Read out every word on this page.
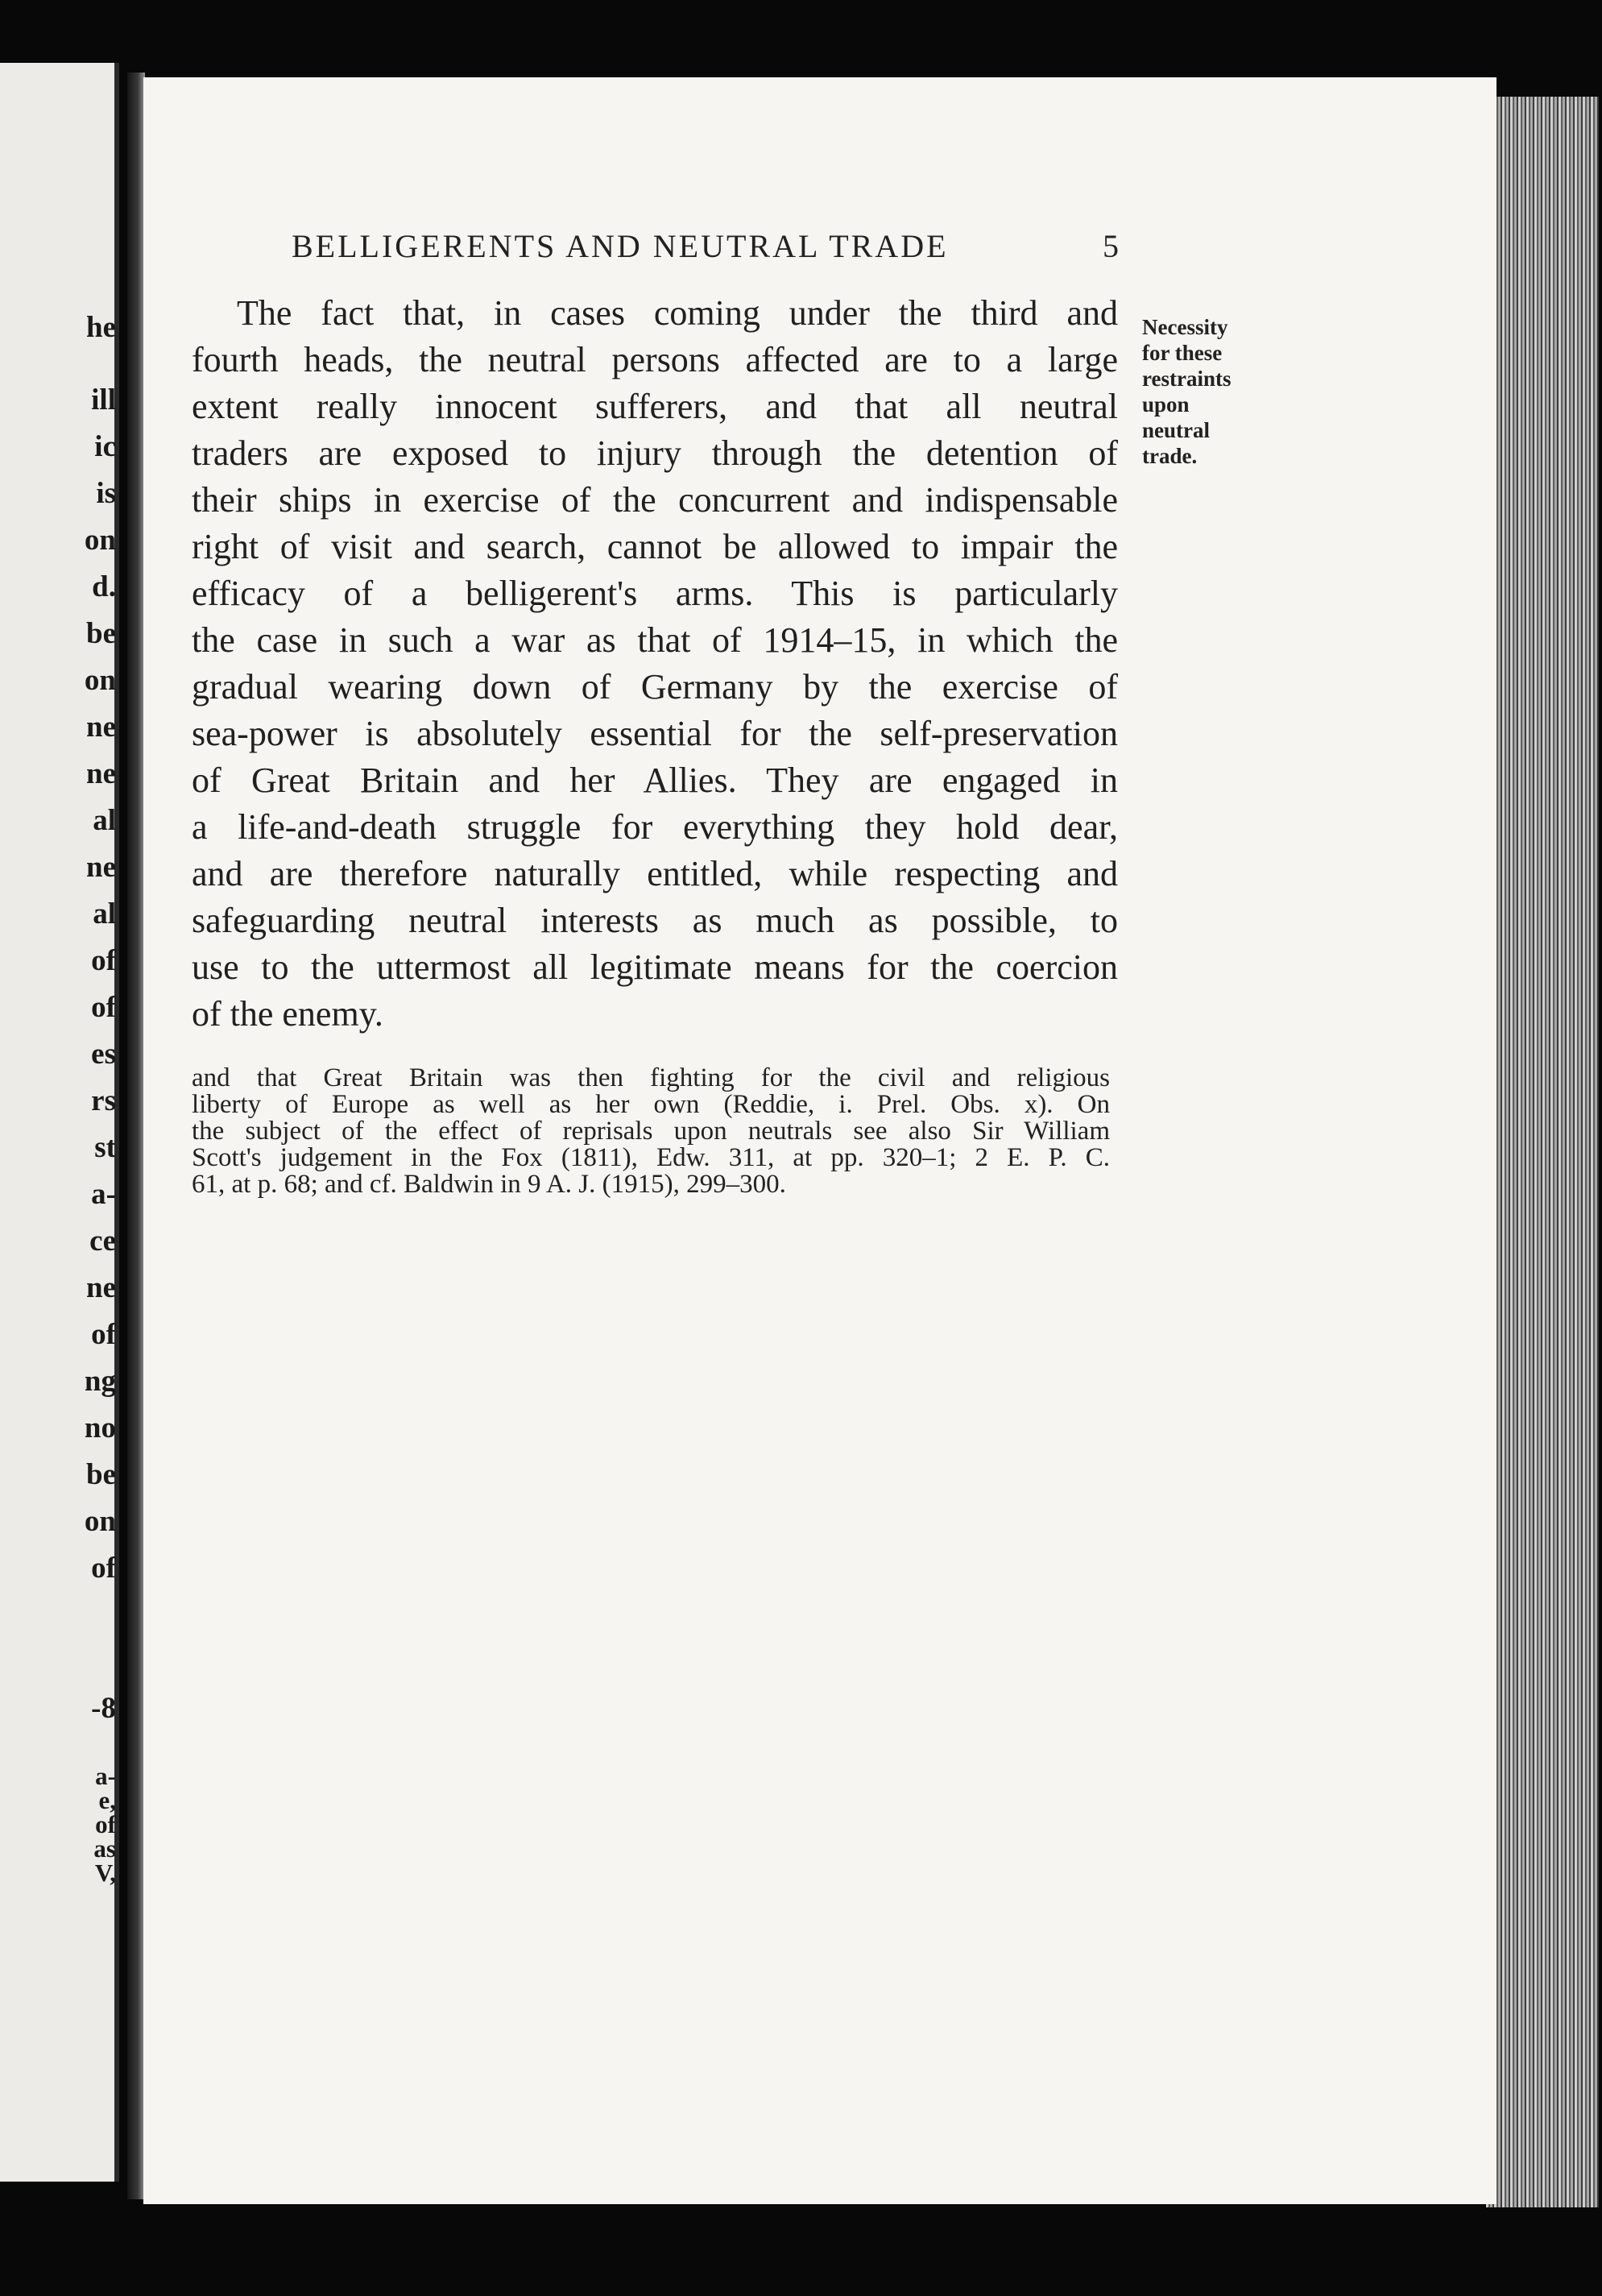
he
ill
ic
is
on
d.
be
on
ne
ne
al
ne
al
of
of
es
rs
st
a-
ce
ne
of
ng
no
be
on
of
-8
a-
e,
of
as
V,
BELLIGERENTS AND NEUTRAL TRADE	5
The fact that, in cases coming under the third and
fourth heads, the neutral persons affected are to a large
extent really innocent sufferers, and that all neutral
traders are exposed to injury through the detention of
their ships in exercise of the concurrent and indispensable
right of visit and search, cannot be allowed to impair the
efficacy of a belligerent's arms. This is particularly
the case in such a war as that of 1914–15, in which the
gradual wearing down of Germany by the exercise of
sea-power is absolutely essential for the self-preservation
of Great Britain and her Allies. They are engaged in
a life-and-death struggle for everything they hold dear,
and are therefore naturally entitled, while respecting and
safeguarding neutral interests as much as possible, to
use to the uttermost all legitimate means for the coercion
of the enemy.
Necessity
for these
restraints
upon
neutral
trade.
and that Great Britain was then fighting for the civil and religious
liberty of Europe as well as her own (Reddie, i. Prel. Obs. x). On
the subject of the effect of reprisals upon neutrals see also Sir William
Scott's judgement in the Fox (1811), Edw. 311, at pp. 320–1; 2 E. P. C.
61, at p. 68; and cf. Baldwin in 9 A. J. (1915), 299–300.
